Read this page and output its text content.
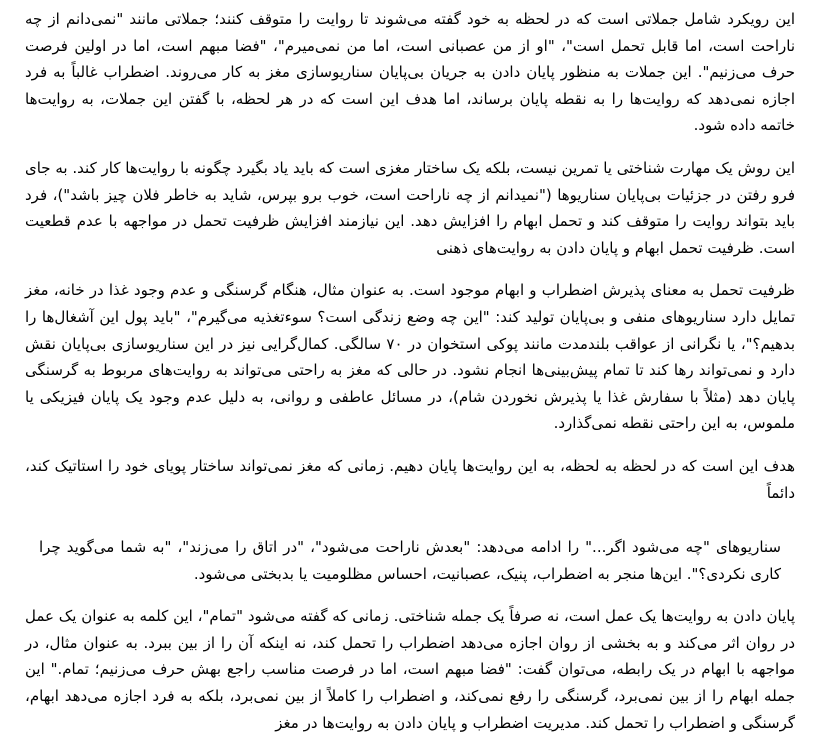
این رویکرد شامل جملاتی است که در لحظه به خود گفته می‌شوند تا روایت را متوقف کنند؛ جملاتی مانند "نمی‌دانم از چه ناراحت است، اما قابل تحمل است"، "او از من عصبانی است، اما من نمی‌میرم"، "فضا مبهم است، اما در اولین فرصت حرف می‌زنیم". این جملات به منظور پایان دادن به جریان بی‌پایان سناریوسازی مغز به کار می‌روند. اضطراب غالباً به فرد اجازه نمی‌دهد که روایت‌ها را به نقطه پایان برساند، اما هدف این است که در هر لحظه، با گفتن این جملات، به روایت‌ها خاتمه داده شود.

این روش یک مهارت شناختی یا تمرین نیست، بلکه یک ساختار مغزی است که باید یاد بگیرد چگونه با روایت‌ها کار کند. به جای فرو رفتن در جزئیات بی‌پایان سناریوها ("نمیدانم از چه ناراحت است، خوب برو بپرس، شاید به خاطر فلان چیز باشد")، فرد باید بتواند روایت را متوقف کند و تحمل ابهام را افزایش دهد. این نیازمند افزایش ظرفیت تحمل در مواجهه با عدم قطعیت است. ظرفیت تحمل ابهام و پایان دادن به روایت‌های ذهنی

ظرفیت تحمل به معنای پذیرش اضطراب و ابهام موجود است. به عنوان مثال، هنگام گرسنگی و عدم وجود غذا در خانه، مغز تمایل دارد سناریوهای منفی و بی‌پایان تولید کند: "این چه وضع زندگی است؟ سوءتغذیه می‌گیرم"، "باید پول این آشغال‌ها را بدهیم؟"، یا نگرانی از عواقب بلندمدت مانند پوکی استخوان در ۷۰ سالگی. کمال‌گرایی نیز در این سناریوسازی بی‌پایان نقش دارد و نمی‌تواند رها کند تا تمام پیش‌بینی‌ها انجام نشود. در حالی که مغز به راحتی می‌تواند به روایت‌های مربوط به گرسنگی پایان دهد (مثلاً با سفارش غذا یا پذیرش نخوردن شام)، در مسائل عاطفی و روانی، به دلیل عدم وجود یک پایان فیزیکی یا ملموس، به این راحتی نقطه نمی‌گذارد.

هدف این است که در لحظه به لحظه، به این روایت‌ها پایان دهیم. زمانی که مغز نمی‌تواند ساختار پویای خود را استاتیک کند، دائماً

سناریوهای "چه می‌شود اگر..." را ادامه می‌دهد: "بعدش ناراحت می‌شود"، "در اتاق را می‌زند"، "به شما می‌گوید چرا کاری نکردی؟". این‌ها منجر به اضطراب، پنیک، عصبانیت، احساس مظلومیت یا بدبختی می‌شود.

پایان دادن به روایت‌ها یک عمل است، نه صرفاً یک جمله شناختی. زمانی که گفته می‌شود "تمام"، این کلمه به عنوان یک عمل در روان اثر می‌کند و به بخشی از روان اجازه می‌دهد اضطراب را تحمل کند، نه اینکه آن را از بین ببرد. به عنوان مثال، در مواجهه با ابهام در یک رابطه، می‌توان گفت: "فضا مبهم است، اما در فرصت مناسب راجع بهش حرف می‌زنیم؛ تمام." این جمله ابهام را از بین نمی‌برد، گرسنگی را رفع نمی‌کند، و اضطراب را کاملاً از بین نمی‌برد، بلکه به فرد اجازه می‌دهد ابهام، گرسنگی و اضطراب را تحمل کند. مدیریت اضطراب و پایان دادن به روایت‌ها در مغز
